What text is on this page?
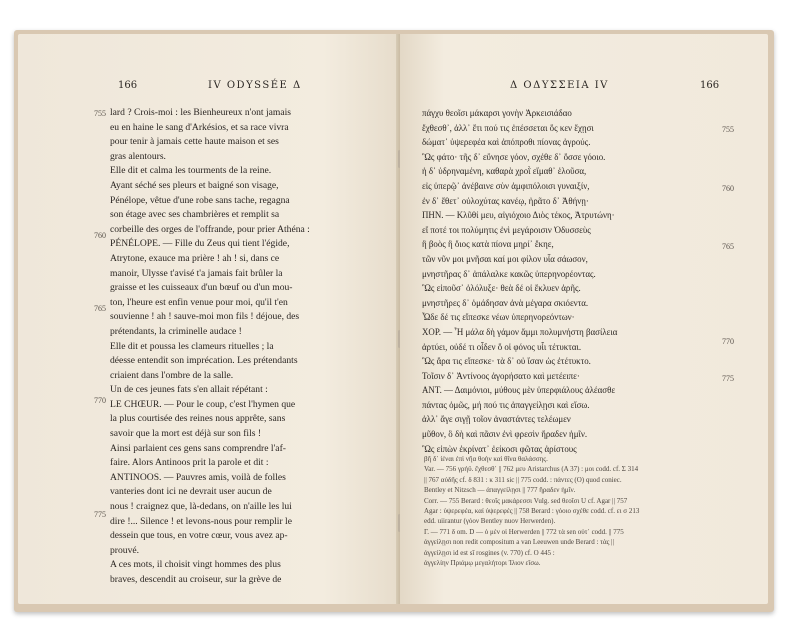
166	IV ODYSSÉE Δ
lard ? Crois-moi : les Bienheureux n'ont jamais
eu en haine le sang d'Arkésios, et sa race vivra
pour tenir à jamais cette haute maison et ses
gras alentours.
Elle dit et calma les tourments de la reine.
Ayant séché ses pleurs et baigné son visage,
Pénélope, vêtue d'une robe sans tache, regagna
son étage avec ses chambrières et remplit sa
corbeille des orges de l'offrande, pour prier Athéna :
PÉNÉLOPE. — Fille du Zeus qui tient l'égide,
Atrytone, exauce ma prière ! ah ! si, dans ce
manoir, Ulysse t'avisé t'a jamais fait brûler la
graisse et les cuisseaux d'un bœuf ou d'un mou-
ton, l'heure est enfin venue pour moi, qu'il t'en
souvienne ! ah ! sauve-moi mon fils ! déjoue, des
prétendants, la criminelle audace !
Elle dit et poussa les clameurs rituelles ; la
déesse entendit son imprécation. Les prétendants
criaient dans l'ombre de la salle.
Un de ces jeunes fats s'en allait répétant :
LE CHŒUR. — Pour le coup, c'est l'hymen que
la plus courtisée des reines nous apprête, sans
savoir que la mort est déjà sur son fils !
Ainsi parlaient ces gens sans comprendre l'af-
faire. Alors Antinoos prit la parole et dit :
ANTINOOS. — Pauvres amis, voilà de folles
vanteries dont ici ne devrait user aucun de
nous ! craignez que, là-dedans, on n'aille les lui
dire !... Silence ! et levons-nous pour remplir le
dessein que tous, en votre cœur, vous avez ap-
prouvé.
A ces mots, il choisit vingt hommes des plus
braves, descendit au croiseur, sur la grève de
755
760
765
770
775
Δ ΟΔΥΣΣΕΙΑ IV	166
πάγχυ θεοῖσι μάκαρσι γονὴν Ἀρκεισιάδαο
ἔχθεσθ᾽, ἀλλ᾽ ἔτι πού τις ἐπέσσεται ὅς κεν ἔχῃσι
δώματ᾽ ὑψερεφέα καὶ ἀπόπροθι πίονας ἀγρούς.
Ὣς φάτο· τῆς δ᾽ εὔνησε γόον, σχέθε δ᾽ ὄσσε γόοιο.
ἡ δ᾽ ὑδρηναμένη, καθαρὰ χροῒ εἵμαθ᾽ ἑλοῦσα,
εἰς ὑπερῷ᾽ ἀνέβαινε σὺν ἀμφιπόλοισι γυναιξίν,
ἐν δ᾽ ἔθετ᾽ οὐλοχύτας κανέῳ, ἠρᾶτο δ᾽ Ἀθήνῃ·
ΠΗΝ. — Κλῦθί μευ, αἰγιόχοιο Διὸς τέκος, Ἀτρυτώνη·
εἴ ποτέ τοι πολύμητις ἐνὶ μεγάροισιν Ὀδυσσεὺς
ἢ βοὸς ἢ ὄιος κατὰ πίονα μηρί᾽ ἔκηε,
τῶν νῦν μοι μνῆσαι καί μοι φίλον υἷα σάωσον,
μνηστῆρας δ᾽ ἀπάλαλκε κακῶς ὑπερηνορέοντας.
Ὣς εἰποῦσ᾽ ὀλόλυξε· θεὰ δέ οἱ ἔκλυεν ἀρῆς.
μνηστῆρες δ᾽ ὁμάδησαν ἀνὰ μέγαρα σκιόεντα.
Ὧδε δέ τις εἴπεσκε νέων ὑπερηνορεόντων·
ΧΟΡ. — Ἦ μάλα δὴ γάμον ἄμμι πολυμνήστη βασίλεια
ἀρτύει, οὐδέ τι οἶδεν ὅ οἱ φόνος υἷι τέτυκται.
Ὣς ἄρα τις εἴπεσκε· τὰ δ᾽ οὐ ἴσαν ὡς ἐτέτυκτο.
Τοῖσιν δ᾽ Ἀντίνοος ἀγορήσατο καὶ μετέειπε·
ΑΝΤ. — Δαιμόνιοι, μύθους μὲν ὑπερφιάλους ἀλέασθε
πάντας ὁμῶς, μή πού τις ἀπαγγείλῃσι καὶ εἴσω.
ἀλλ᾽ ἄγε σιγῇ τοῖον ἀναστάντες τελέωμεν
μῦθον, ὃ δὴ καὶ πᾶσιν ἐνὶ φρεσὶν ἤραδεν ἡμῖν.
Ὣς εἰπὼν ἐκρίνατ᾽ ἐείκοσι φῶτας ἀρίστους
755
760
765
770
775
βῆ δ᾽ ἰέναι ἐπὶ νῆα θοὴν καὶ θῖνα θαλάσσης.
Var. — 756 γρήϋ. ἔχθεσθ᾽ || 762 μευ Aristarchus (A 37) : μοι codd. cf. Σ 314
|| 767 αὐδῆς cf. δ 831 : κ 311 sic || 775 codd. : πάντες (O) quod coniec.
Bentley et Nitzsch — ἀπαγγείλῃσι || 777 ἤραδεν ἡμῖν.
Corr. — 755 Berard : θεοῖς μακάρεσσι Vulg. sed θεοῖσι U cf. Agar || 757
Agar : ὑψερεφέα, καί ὑψερεφές || 758 Berard : γόοιο σχέθε codd. cf. ει σ 213
edd. uiirantur (γόον Bentley nuov Herwerden).
Γ. — 771 δ om. D — ὁ μὲν οἱ Herwerden || 772 τὰ sen οὐτ᾽ codd. || 775
ἀγγείλῃσι non redit compositum a van Leeuwen unde Berard : τὰς ||
ἀγγείλῃσι id est sī rosgines (v. 770) cf. Ο 445 :
ἀγγελίην Πριάμῳ μεγαλήτορι Ἰλιον εἴσω.
